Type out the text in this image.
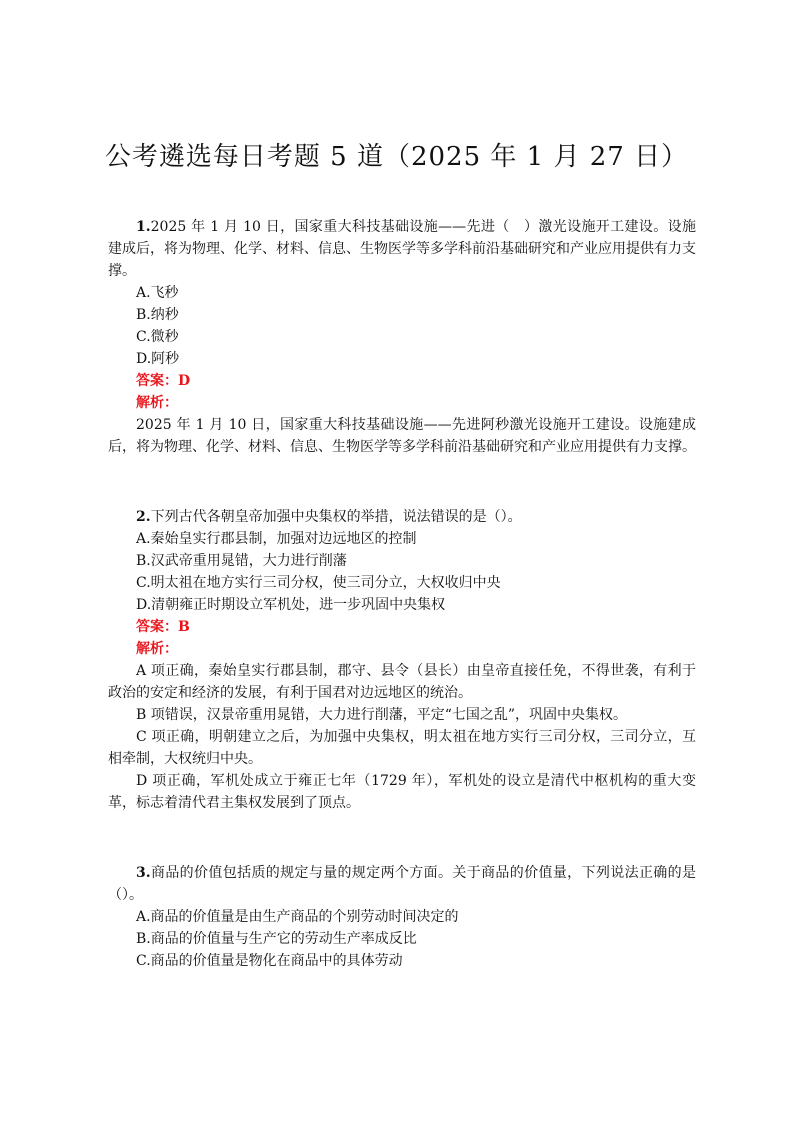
公考遴选每日考题 5 道（2025 年 1 月 27 日）

1.2025 年 1 月 10 日，国家重大科技基础设施——先进（　）激光设施开工建设。设施建成后，将为物理、化学、材料、信息、生物医学等多学科前沿基础研究和产业应用提供有力支撑。

A.飞秒

B.纳秒

C.微秒

D.阿秒

答案：D

解析：

2025 年 1 月 10 日，国家重大科技基础设施——先进阿秒激光设施开工建设。设施建成后，将为物理、化学、材料、信息、生物医学等多学科前沿基础研究和产业应用提供有力支撑。

2.下列古代各朝皇帝加强中央集权的举措，说法错误的是（）。

A.秦始皇实行郡县制，加强对边远地区的控制

B.汉武帝重用晁错，大力进行削藩

C.明太祖在地方实行三司分权，使三司分立，大权收归中央

D.清朝雍正时期设立军机处，进一步巩固中央集权

答案：B

解析：

A 项正确，秦始皇实行郡县制，郡守、县令（县长）由皇帝直接任免，不得世袭，有利于政治的安定和经济的发展，有利于国君对边远地区的统治。

B 项错误，汉景帝重用晁错，大力进行削藩，平定“七国之乱”，巩固中央集权。

C 项正确，明朝建立之后，为加强中央集权，明太祖在地方实行三司分权，三司分立，互相牵制，大权统归中央。

D 项正确，军机处成立于雍正七年（1729 年），军机处的设立是清代中枢机构的重大变革，标志着清代君主集权发展到了顶点。

3.商品的价值包括质的规定与量的规定两个方面。关于商品的价值量，下列说法正确的是（）。

A.商品的价值量是由生产商品的个别劳动时间决定的

B.商品的价值量与生产它的劳动生产率成反比

C.商品的价值量是物化在商品中的具体劳动
